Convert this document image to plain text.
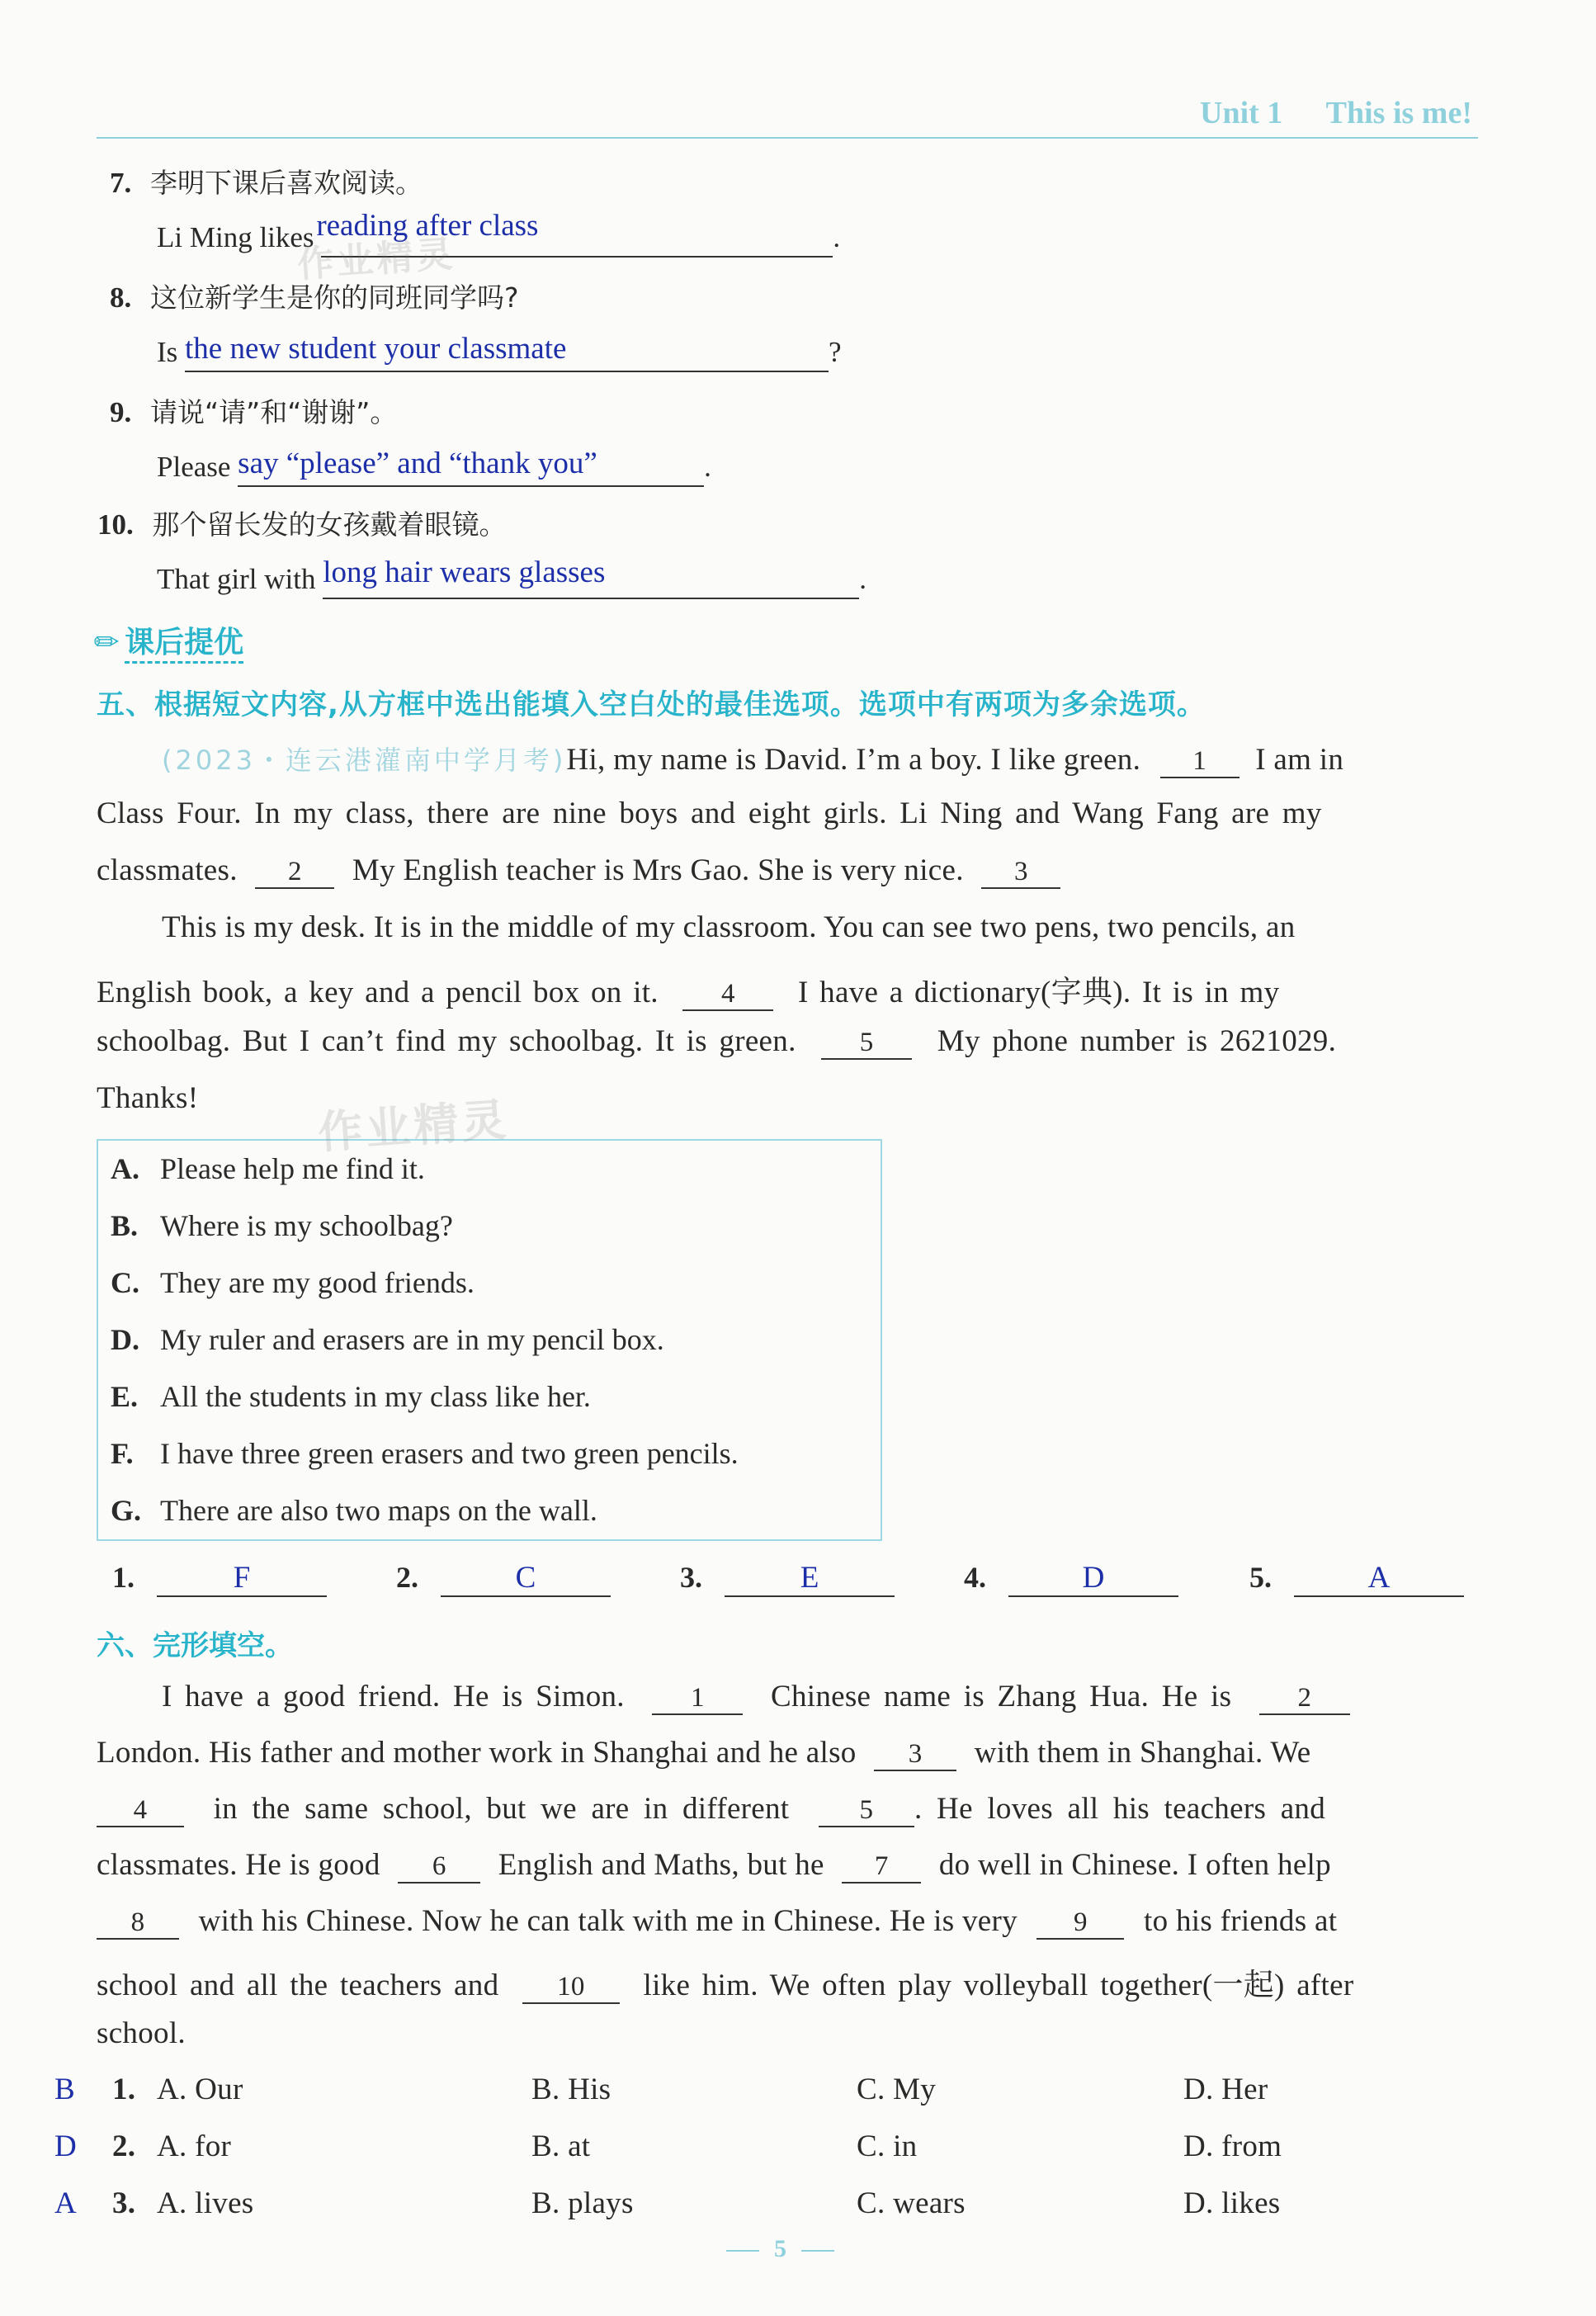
Unit 1 This is me!
7. 李明下课后喜欢阅读。
Li Ming likes reading after class	.
8. 这位新学生是你的同班同学吗?
Is the new student your classmate	?
9. 请说“请”和“谢谢”。
Please say “please” and “thank you”	.
10. 那个留长发的女孩戴着眼镜。
That girl with long hair wears glasses	.
✎课后提优
五、根据短文内容,从方框中选出能填入空白处的最佳选项。选项中有两项为多余选项。
(2023・连云港灌南中学月考)Hi, my name is David. I’m a boy. I like green. 1 I am in
Class Four. In my class, there are nine boys and eight girls. Li Ning and Wang Fang are my
classmates. 2 My English teacher is Mrs Gao. She is very nice. 3
This is my desk. It is in the middle of my classroom. You can see two pens, two pencils, an
English book, a key and a pencil box on it. 4 I have a dictionary(字典). It is in my
schoolbag. But I can’t find my schoolbag. It is green. 5 My phone number is 2621029.
Thanks!
A. Please help me find it.
B. Where is my schoolbag?
C. They are my good friends.
D. My ruler and erasers are in my pencil box.
E. All the students in my class like her.
F. I have three green erasers and two green pencils.
G. There are also two maps on the wall.
1.	F	2.	C	3.	E	4.	D	5.	A
六、完形填空。
I have a good friend. He is Simon. 1 Chinese name is Zhang Hua. He is 2
London. His father and mother work in Shanghai and he also 3 with them in Shanghai. We
4 in the same school, but we are in different	5 . He loves all his teachers and
classmates. He is good 6 English and Maths, but he 7 do well in Chinese. I often help
8 with his Chinese. Now he can talk with me in Chinese. He is very 9 to his friends at
school and all the teachers and 10 like him. We often play volleyball together(一起) after
school.
B 1. A. Our	B. His	C. My	D. Her
D 2. A. for	B. at	C. in	D. from
A 3. A. lives	B. plays	C. wears	D. likes
5
作业精灵
作业精灵
